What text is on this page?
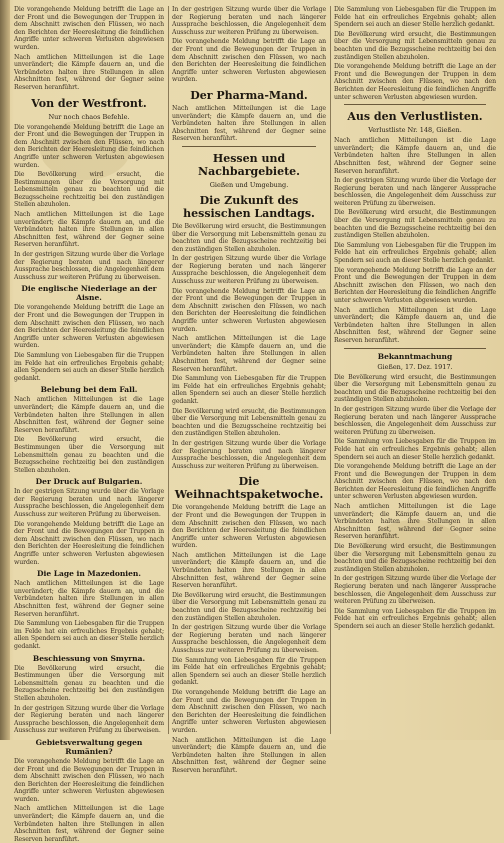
Die vorangehende Meldung betrifft die Lage an der Front und die Bewegungen der Truppen in dem Abschnitt zwischen den Flüssen, wo nach den Berichten der Heeresleitung die feindlichen Angriffe unter schweren Verlusten abgewiesen wurden.

Nach amtlichen Mitteilungen ist die Lage unverändert; die Kämpfe dauern an, und die Verbündeten halten ihre Stellungen in allen Abschnitten fest, während der Gegner seine Reserven heranführt.

Von der Westfront.
Nur noch chaos Befehle.

Die vorangehende Meldung betrifft die Lage an der Front und die Bewegungen der Truppen in dem Abschnitt zwischen den Flüssen, wo nach den Berichten der Heeresleitung die feindlichen Angriffe unter schweren Verlusten abgewiesen wurden.

Die Bevölkerung wird ersucht, die Bestimmungen über die Versorgung mit Lebensmitteln genau zu beachten und die Bezugsscheine rechtzeitig bei den zuständigen Stellen abzuholen.

Nach amtlichen Mitteilungen ist die Lage unverändert; die Kämpfe dauern an, und die Verbündeten halten ihre Stellungen in allen Abschnitten fest, während der Gegner seine Reserven heranführt.

In der gestrigen Sitzung wurde über die Vorlage der Regierung beraten und nach längerer Aussprache beschlossen, die Angelegenheit dem Ausschuss zur weiteren Prüfung zu überweisen.

Die englische Niederlage an der Aisne.

Die vorangehende Meldung betrifft die Lage an der Front und die Bewegungen der Truppen in dem Abschnitt zwischen den Flüssen, wo nach den Berichten der Heeresleitung die feindlichen Angriffe unter schweren Verlusten abgewiesen wurden.

Die Sammlung von Liebesgaben für die Truppen im Felde hat ein erfreuliches Ergebnis gehabt; allen Spendern sei auch an dieser Stelle herzlich gedankt.

Belebung bei dem Fall.

Nach amtlichen Mitteilungen ist die Lage unverändert; die Kämpfe dauern an, und die Verbündeten halten ihre Stellungen in allen Abschnitten fest, während der Gegner seine Reserven heranführt.

Die Bevölkerung wird ersucht, die Bestimmungen über die Versorgung mit Lebensmitteln genau zu beachten und die Bezugsscheine rechtzeitig bei den zuständigen Stellen abzuholen.

Der Druck auf Bulgarien.

In der gestrigen Sitzung wurde über die Vorlage der Regierung beraten und nach längerer Aussprache beschlossen, die Angelegenheit dem Ausschuss zur weiteren Prüfung zu überweisen.

Die vorangehende Meldung betrifft die Lage an der Front und die Bewegungen der Truppen in dem Abschnitt zwischen den Flüssen, wo nach den Berichten der Heeresleitung die feindlichen Angriffe unter schweren Verlusten abgewiesen wurden.

Die Lage in Mazedonien.

Nach amtlichen Mitteilungen ist die Lage unverändert; die Kämpfe dauern an, und die Verbündeten halten ihre Stellungen in allen Abschnitten fest, während der Gegner seine Reserven heranführt.

Die Sammlung von Liebesgaben für die Truppen im Felde hat ein erfreuliches Ergebnis gehabt; allen Spendern sei auch an dieser Stelle herzlich gedankt.

Beschiessung von Smyrna.

Die Bevölkerung wird ersucht, die Bestimmungen über die Versorgung mit Lebensmitteln genau zu beachten und die Bezugsscheine rechtzeitig bei den zuständigen Stellen abzuholen.

In der gestrigen Sitzung wurde über die Vorlage der Regierung beraten und nach längerer Aussprache beschlossen, die Angelegenheit dem Ausschuss zur weiteren Prüfung zu überweisen.

Gebietsverwaltung gegen Rumänien?

Die vorangehende Meldung betrifft die Lage an der Front und die Bewegungen der Truppen in dem Abschnitt zwischen den Flüssen, wo nach den Berichten der Heeresleitung die feindlichen Angriffe unter schweren Verlusten abgewiesen wurden.

Nach amtlichen Mitteilungen ist die Lage unverändert; die Kämpfe dauern an, und die Verbündeten halten ihre Stellungen in allen Abschnitten fest, während der Gegner seine Reserven heranführt.

In der gestrigen Sitzung wurde über die Vorlage der Regierung beraten und nach längerer Aussprache beschlossen, die Angelegenheit dem Ausschuss zur weiteren Prüfung zu überweisen.

Die vorangehende Meldung betrifft die Lage an der Front und die Bewegungen der Truppen in dem Abschnitt zwischen den Flüssen, wo nach den Berichten der Heeresleitung die feindlichen Angriffe unter schweren Verlusten abgewiesen wurden.

Der Pharma-Mand.

Nach amtlichen Mitteilungen ist die Lage unverändert; die Kämpfe dauern an, und die Verbündeten halten ihre Stellungen in allen Abschnitten fest, während der Gegner seine Reserven heranführt.

Hessen und Nachbargebiete.
Gießen und Umgebung.
Die Zukunft des hessischen Landtags.

Die Bevölkerung wird ersucht, die Bestimmungen über die Versorgung mit Lebensmitteln genau zu beachten und die Bezugsscheine rechtzeitig bei den zuständigen Stellen abzuholen.

In der gestrigen Sitzung wurde über die Vorlage der Regierung beraten und nach längerer Aussprache beschlossen, die Angelegenheit dem Ausschuss zur weiteren Prüfung zu überweisen.

Die vorangehende Meldung betrifft die Lage an der Front und die Bewegungen der Truppen in dem Abschnitt zwischen den Flüssen, wo nach den Berichten der Heeresleitung die feindlichen Angriffe unter schweren Verlusten abgewiesen wurden.

Nach amtlichen Mitteilungen ist die Lage unverändert; die Kämpfe dauern an, und die Verbündeten halten ihre Stellungen in allen Abschnitten fest, während der Gegner seine Reserven heranführt.

Die Sammlung von Liebesgaben für die Truppen im Felde hat ein erfreuliches Ergebnis gehabt; allen Spendern sei auch an dieser Stelle herzlich gedankt.

Die Bevölkerung wird ersucht, die Bestimmungen über die Versorgung mit Lebensmitteln genau zu beachten und die Bezugsscheine rechtzeitig bei den zuständigen Stellen abzuholen.

In der gestrigen Sitzung wurde über die Vorlage der Regierung beraten und nach längerer Aussprache beschlossen, die Angelegenheit dem Ausschuss zur weiteren Prüfung zu überweisen.

Die Weihnachtspaketwoche.

Die vorangehende Meldung betrifft die Lage an der Front und die Bewegungen der Truppen in dem Abschnitt zwischen den Flüssen, wo nach den Berichten der Heeresleitung die feindlichen Angriffe unter schweren Verlusten abgewiesen wurden.

Nach amtlichen Mitteilungen ist die Lage unverändert; die Kämpfe dauern an, und die Verbündeten halten ihre Stellungen in allen Abschnitten fest, während der Gegner seine Reserven heranführt.

Die Bevölkerung wird ersucht, die Bestimmungen über die Versorgung mit Lebensmitteln genau zu beachten und die Bezugsscheine rechtzeitig bei den zuständigen Stellen abzuholen.

In der gestrigen Sitzung wurde über die Vorlage der Regierung beraten und nach längerer Aussprache beschlossen, die Angelegenheit dem Ausschuss zur weiteren Prüfung zu überweisen.

Die Sammlung von Liebesgaben für die Truppen im Felde hat ein erfreuliches Ergebnis gehabt; allen Spendern sei auch an dieser Stelle herzlich gedankt.

Die vorangehende Meldung betrifft die Lage an der Front und die Bewegungen der Truppen in dem Abschnitt zwischen den Flüssen, wo nach den Berichten der Heeresleitung die feindlichen Angriffe unter schweren Verlusten abgewiesen wurden.

Nach amtlichen Mitteilungen ist die Lage unverändert; die Kämpfe dauern an, und die Verbündeten halten ihre Stellungen in allen Abschnitten fest, während der Gegner seine Reserven heranführt.

Die Sammlung von Liebesgaben für die Truppen im Felde hat ein erfreuliches Ergebnis gehabt; allen Spendern sei auch an dieser Stelle herzlich gedankt.

Die Bevölkerung wird ersucht, die Bestimmungen über die Versorgung mit Lebensmitteln genau zu beachten und die Bezugsscheine rechtzeitig bei den zuständigen Stellen abzuholen.

Die vorangehende Meldung betrifft die Lage an der Front und die Bewegungen der Truppen in dem Abschnitt zwischen den Flüssen, wo nach den Berichten der Heeresleitung die feindlichen Angriffe unter schweren Verlusten abgewiesen wurden.

Aus den Verlustlisten.
Verlustliste Nr. 148, Gießen.

Nach amtlichen Mitteilungen ist die Lage unverändert; die Kämpfe dauern an, und die Verbündeten halten ihre Stellungen in allen Abschnitten fest, während der Gegner seine Reserven heranführt.

In der gestrigen Sitzung wurde über die Vorlage der Regierung beraten und nach längerer Aussprache beschlossen, die Angelegenheit dem Ausschuss zur weiteren Prüfung zu überweisen.

Die Bevölkerung wird ersucht, die Bestimmungen über die Versorgung mit Lebensmitteln genau zu beachten und die Bezugsscheine rechtzeitig bei den zuständigen Stellen abzuholen.

Die Sammlung von Liebesgaben für die Truppen im Felde hat ein erfreuliches Ergebnis gehabt; allen Spendern sei auch an dieser Stelle herzlich gedankt.

Die vorangehende Meldung betrifft die Lage an der Front und die Bewegungen der Truppen in dem Abschnitt zwischen den Flüssen, wo nach den Berichten der Heeresleitung die feindlichen Angriffe unter schweren Verlusten abgewiesen wurden.

Nach amtlichen Mitteilungen ist die Lage unverändert; die Kämpfe dauern an, und die Verbündeten halten ihre Stellungen in allen Abschnitten fest, während der Gegner seine Reserven heranführt.

Bekanntmachung
Gießen, 17. Dez. 1917.

Die Bevölkerung wird ersucht, die Bestimmungen über die Versorgung mit Lebensmitteln genau zu beachten und die Bezugsscheine rechtzeitig bei den zuständigen Stellen abzuholen.

In der gestrigen Sitzung wurde über die Vorlage der Regierung beraten und nach längerer Aussprache beschlossen, die Angelegenheit dem Ausschuss zur weiteren Prüfung zu überweisen.

Die Sammlung von Liebesgaben für die Truppen im Felde hat ein erfreuliches Ergebnis gehabt; allen Spendern sei auch an dieser Stelle herzlich gedankt.

Die vorangehende Meldung betrifft die Lage an der Front und die Bewegungen der Truppen in dem Abschnitt zwischen den Flüssen, wo nach den Berichten der Heeresleitung die feindlichen Angriffe unter schweren Verlusten abgewiesen wurden.

Nach amtlichen Mitteilungen ist die Lage unverändert; die Kämpfe dauern an, und die Verbündeten halten ihre Stellungen in allen Abschnitten fest, während der Gegner seine Reserven heranführt.

Die Bevölkerung wird ersucht, die Bestimmungen über die Versorgung mit Lebensmitteln genau zu beachten und die Bezugsscheine rechtzeitig bei den zuständigen Stellen abzuholen.

In der gestrigen Sitzung wurde über die Vorlage der Regierung beraten und nach längerer Aussprache beschlossen, die Angelegenheit dem Ausschuss zur weiteren Prüfung zu überweisen.

Die Sammlung von Liebesgaben für die Truppen im Felde hat ein erfreuliches Ergebnis gehabt; allen Spendern sei auch an dieser Stelle herzlich gedankt.
